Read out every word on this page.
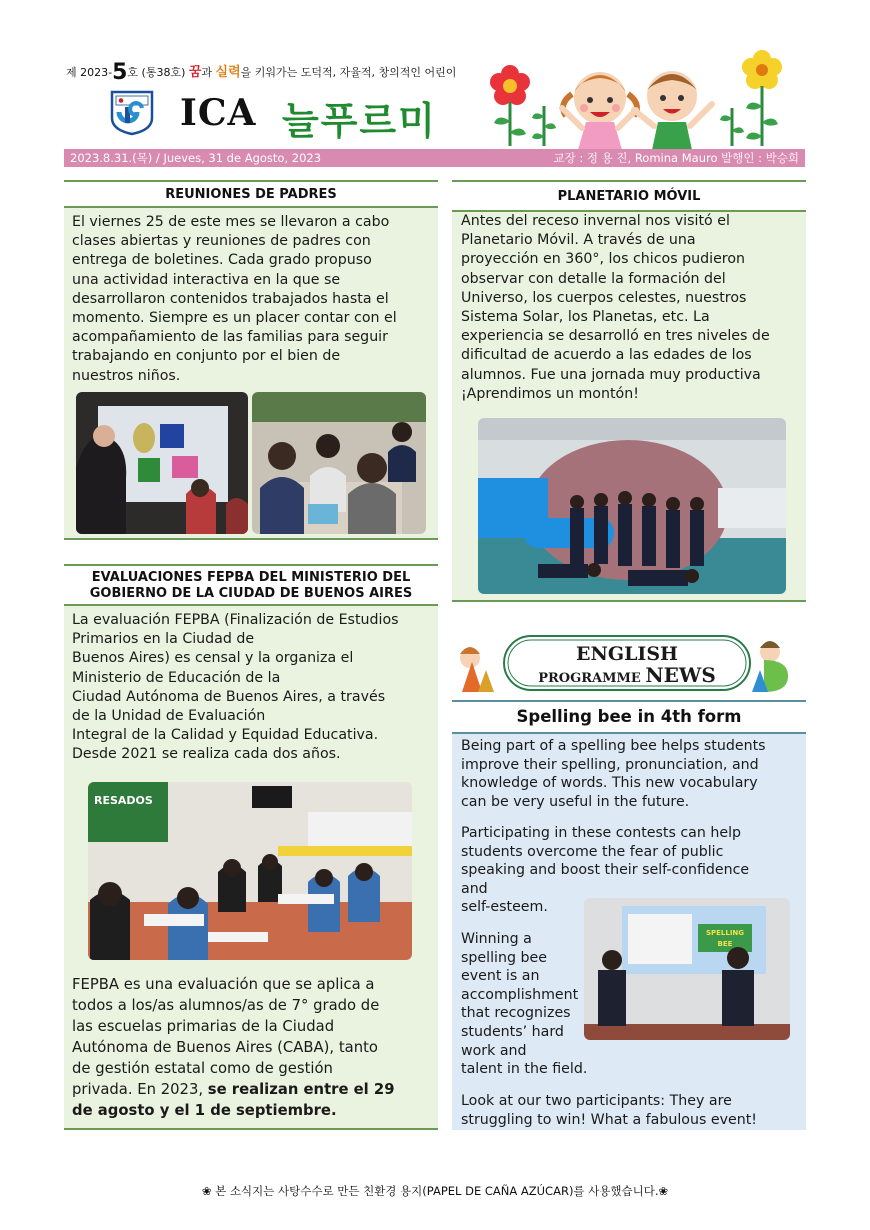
제 2023-5호 (통38호) 꿈과 실력을 키워가는 도덕적, 자율적, 창의적인 어린이
ICA 늘푸르미
2023.8.31.(목) / Jueves, 31 de Agosto, 2023	교장 : 정 용 진, Romina Mauro 발행인 : 박승희
REUNIONES DE PADRES
El viernes 25 de este mes se llevaron a cabo
clases abiertas y reuniones de padres con
entrega de boletines. Cada grado propuso
una actividad interactiva en la que se
desarrollaron contenidos trabajados hasta el
momento. Siempre es un placer contar con el
acompañamiento de las familias para seguir
trabajando en conjunto por el bien de
nuestros niños.
PLANETARIO MÓVIL
Antes del receso invernal nos visitó el
Planetario Móvil. A través de una
proyección en 360°, los chicos pudieron
observar con detalle la formación del
Universo, los cuerpos celestes, nuestros
Sistema Solar, los Planetas, etc. La
experiencia se desarrolló en tres niveles de
dificultad de acuerdo a las edades de los
alumnos. Fue una jornada muy productiva
¡Aprendimos un montón!
EVALUACIONES FEPBA DEL MINISTERIO DEL
GOBIERNO DE LA CIUDAD DE BUENOS AIRES
La evaluación FEPBA (Finalización de Estudios
Primarios en la Ciudad de
Buenos Aires) es censal y la organiza el
Ministerio de Educación de la
Ciudad Autónoma de Buenos Aires, a través
de la Unidad de Evaluación
Integral de la Calidad y Equidad Educativa.
Desde 2021 se realiza cada dos años.
FEPBA es una evaluación que se aplica a
todos a los/as alumnos/as de 7° grado de
las escuelas primarias de la Ciudad
Autónoma de Buenos Aires (CABA), tanto
de gestión estatal como de gestión
privada. En 2023, se realizan entre el 29
de agosto y el 1 de septiembre.
RESADOS
ENGLISH
PROGRAMME NEWS
Spelling bee in 4th form
Being part of a spelling bee helps students
improve their spelling, pronunciation, and
knowledge of words. This new vocabulary
can be very useful in the future.
Participating in these contests can help
students overcome the fear of public
speaking and boost their self-confidence
and
self-esteem.
Winning a
spelling bee
event is an
accomplishment
that recognizes
students’ hard
work and
talent in the field.
Look at our two participants: They are
struggling to win! What a fabulous event!
SPELLING
BEE
❀ 본 소식지는 사탕수수로 만든 친환경 용지(PAPEL DE CAÑA AZÚCAR)를 사용했습니다.❀
